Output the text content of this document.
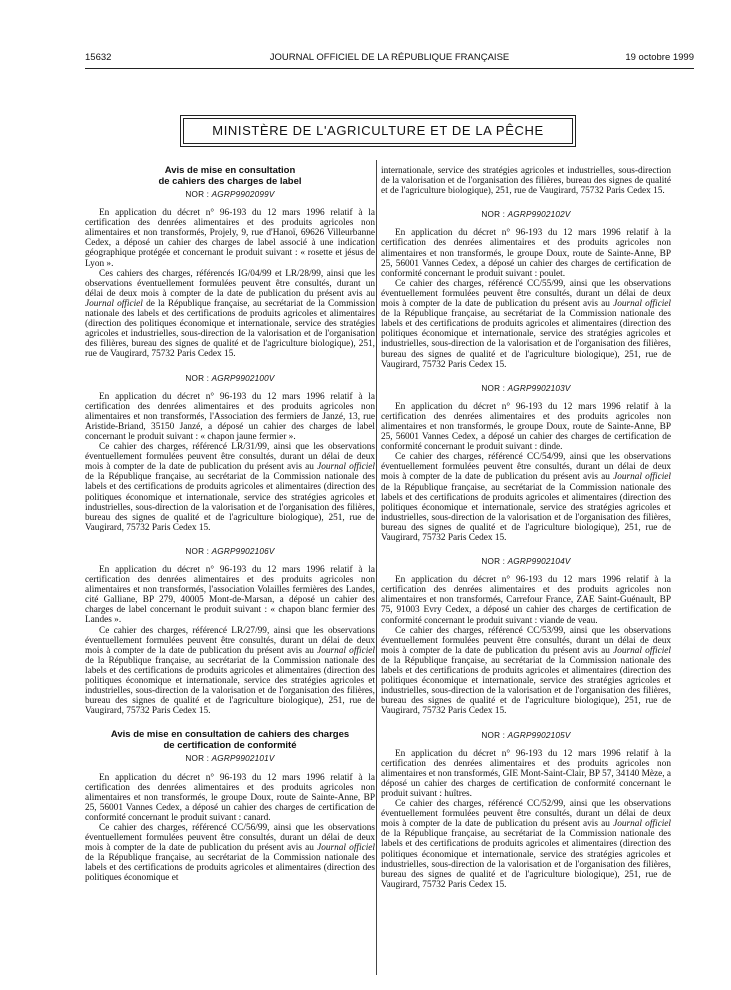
15632	JOURNAL OFFICIEL DE LA RÉPUBLIQUE FRANÇAISE	19 octobre 1999
MINISTÈRE DE L'AGRICULTURE ET DE LA PÊCHE

Avis de mise en consultation
de cahiers des charges de label

NOR : AGRP9902099V

En application du décret n° 96-193 du 12 mars 1996 relatif à la certification des denrées alimentaires et des produits agricoles non alimentaires et non transformés, Projely, 9, rue d'Hanoï, 69626 Villeurbanne Cedex, a déposé un cahier des charges de label associé à une indication géographique protégée et concernant le produit suivant : « rosette et jésus de Lyon ».

Ces cahiers des charges, référencés IG/04/99 et LR/28/99, ainsi que les observations éventuellement formulées peuvent être consultés, durant un délai de deux mois à compter de la date de publication du présent avis au Journal officiel de la République française, au secrétariat de la Commission nationale des labels et des certifications de produits agricoles et alimentaires (direction des politiques économique et internationale, service des stratégies agricoles et industrielles, sous-direction de la valorisation et de l'organisation des filières, bureau des signes de qualité et de l'agriculture biologique), 251, rue de Vaugirard, 75732 Paris Cedex 15.

NOR : AGRP9902100V

En application du décret n° 96-193 du 12 mars 1996 relatif à la certification des denrées alimentaires et des produits agricoles non alimentaires et non transformés, l'Association des fermiers de Janzé, 13, rue Aristide-Briand, 35150 Janzé, a déposé un cahier des charges de label concernant le produit suivant : « chapon jaune fermier ».

Ce cahier des charges, référencé LR/31/99, ainsi que les observations éventuellement formulées peuvent être consultés, durant un délai de deux mois à compter de la date de publication du présent avis au Journal officiel de la République française, au secrétariat de la Commission nationale des labels et des certifications de produits agricoles et alimentaires (direction des politiques économique et internationale, service des stratégies agricoles et industrielles, sous-direction de la valorisation et de l'organisation des filières, bureau des signes de qualité et de l'agriculture biologique), 251, rue de Vaugirard, 75732 Paris Cedex 15.

NOR : AGRP9902106V

En application du décret n° 96-193 du 12 mars 1996 relatif à la certification des denrées alimentaires et des produits agricoles non alimentaires et non transformés, l'association Volailles fermières des Landes, cité Galliane, BP 279, 40005 Mont-de-Marsan, a déposé un cahier des charges de label concernant le produit suivant : « chapon blanc fermier des Landes ».

Ce cahier des charges, référencé LR/27/99, ainsi que les observations éventuellement formulées peuvent être consultés, durant un délai de deux mois à compter de la date de publication du présent avis au Journal officiel de la République française, au secrétariat de la Commission nationale des labels et des certifications de produits agricoles et alimentaires (direction des politiques économique et internationale, service des stratégies agricoles et industrielles, sous-direction de la valorisation et de l'organisation des filières, bureau des signes de qualité et de l'agriculture biologique), 251, rue de Vaugirard, 75732 Paris Cedex 15.

Avis de mise en consultation de cahiers des charges
de certification de conformité

NOR : AGRP9902101V

En application du décret n° 96-193 du 12 mars 1996 relatif à la certification des denrées alimentaires et des produits agricoles non alimentaires et non transformés, le groupe Doux, route de Sainte-Anne, BP 25, 56001 Vannes Cedex, a déposé un cahier des charges de certification de conformité concernant le produit suivant : canard.

Ce cahier des charges, référencé CC/56/99, ainsi que les observations éventuellement formulées peuvent être consultés, durant un délai de deux mois à compter de la date de publication du présent avis au Journal officiel de la République française, au secrétariat de la Commission nationale des labels et des certifications de produits agricoles et alimentaires (direction des politiques économique et

internationale, service des stratégies agricoles et industrielles, sous-direction de la valorisation et de l'organisation des filières, bureau des signes de qualité et de l'agriculture biologique), 251, rue de Vaugirard, 75732 Paris Cedex 15.

NOR : AGRP9902102V

En application du décret n° 96-193 du 12 mars 1996 relatif à la certification des denrées alimentaires et des produits agricoles non alimentaires et non transformés, le groupe Doux, route de Sainte-Anne, BP 25, 56001 Vannes Cedex, a déposé un cahier des charges de certification de conformité concernant le produit suivant : poulet.

Ce cahier des charges, référencé CC/55/99, ainsi que les observations éventuellement formulées peuvent être consultés, durant un délai de deux mois à compter de la date de publication du présent avis au Journal officiel de la République française, au secrétariat de la Commission nationale des labels et des certifications de produits agricoles et alimentaires (direction des politiques économique et internationale, service des stratégies agricoles et industrielles, sous-direction de la valorisation et de l'organisation des filières, bureau des signes de qualité et de l'agriculture biologique), 251, rue de Vaugirard, 75732 Paris Cedex 15.

NOR : AGRP9902103V

En application du décret n° 96-193 du 12 mars 1996 relatif à la certification des denrées alimentaires et des produits agricoles non alimentaires et non transformés, le groupe Doux, route de Sainte-Anne, BP 25, 56001 Vannes Cedex, a déposé un cahier des charges de certification de conformité concernant le produit suivant : dinde.

Ce cahier des charges, référencé CC/54/99, ainsi que les observations éventuellement formulées peuvent être consultés, durant un délai de deux mois à compter de la date de publication du présent avis au Journal officiel de la République française, au secrétariat de la Commission nationale des labels et des certifications de produits agricoles et alimentaires (direction des politiques économique et internationale, service des stratégies agricoles et industrielles, sous-direction de la valorisation et de l'organisation des filières, bureau des signes de qualité et de l'agriculture biologique), 251, rue de Vaugirard, 75732 Paris Cedex 15.

NOR : AGRP9902104V

En application du décret n° 96-193 du 12 mars 1996 relatif à la certification des denrées alimentaires et des produits agricoles non alimentaires et non transformés, Carrefour France, ZAE Saint-Guénault, BP 75, 91003 Evry Cedex, a déposé un cahier des charges de certification de conformité concernant le produit suivant : viande de veau.

Ce cahier des charges, référencé CC/53/99, ainsi que les observations éventuellement formulées peuvent être consultés, durant un délai de deux mois à compter de la date de publication du présent avis au Journal officiel de la République française, au secrétariat de la Commission nationale des labels et des certifications de produits agricoles et alimentaires (direction des politiques économique et internationale, service des stratégies agricoles et industrielles, sous-direction de la valorisation et de l'organisation des filières, bureau des signes de qualité et de l'agriculture biologique), 251, rue de Vaugirard, 75732 Paris Cedex 15.

NOR : AGRP9902105V

En application du décret n° 96-193 du 12 mars 1996 relatif à la certification des denrées alimentaires et des produits agricoles non alimentaires et non transformés, GIE Mont-Saint-Clair, BP 57, 34140 Mèze, a déposé un cahier des charges de certification de conformité concernant le produit suivant : huîtres.

Ce cahier des charges, référencé CC/52/99, ainsi que les observations éventuellement formulées peuvent être consultés, durant un délai de deux mois à compter de la date de publication du présent avis au Journal officiel de la République française, au secrétariat de la Commission nationale des labels et des certifications de produits agricoles et alimentaires (direction des politiques économique et internationale, service des stratégies agricoles et industrielles, sous-direction de la valorisation et de l'organisation des filières, bureau des signes de qualité et de l'agriculture biologique), 251, rue de Vaugirard, 75732 Paris Cedex 15.
